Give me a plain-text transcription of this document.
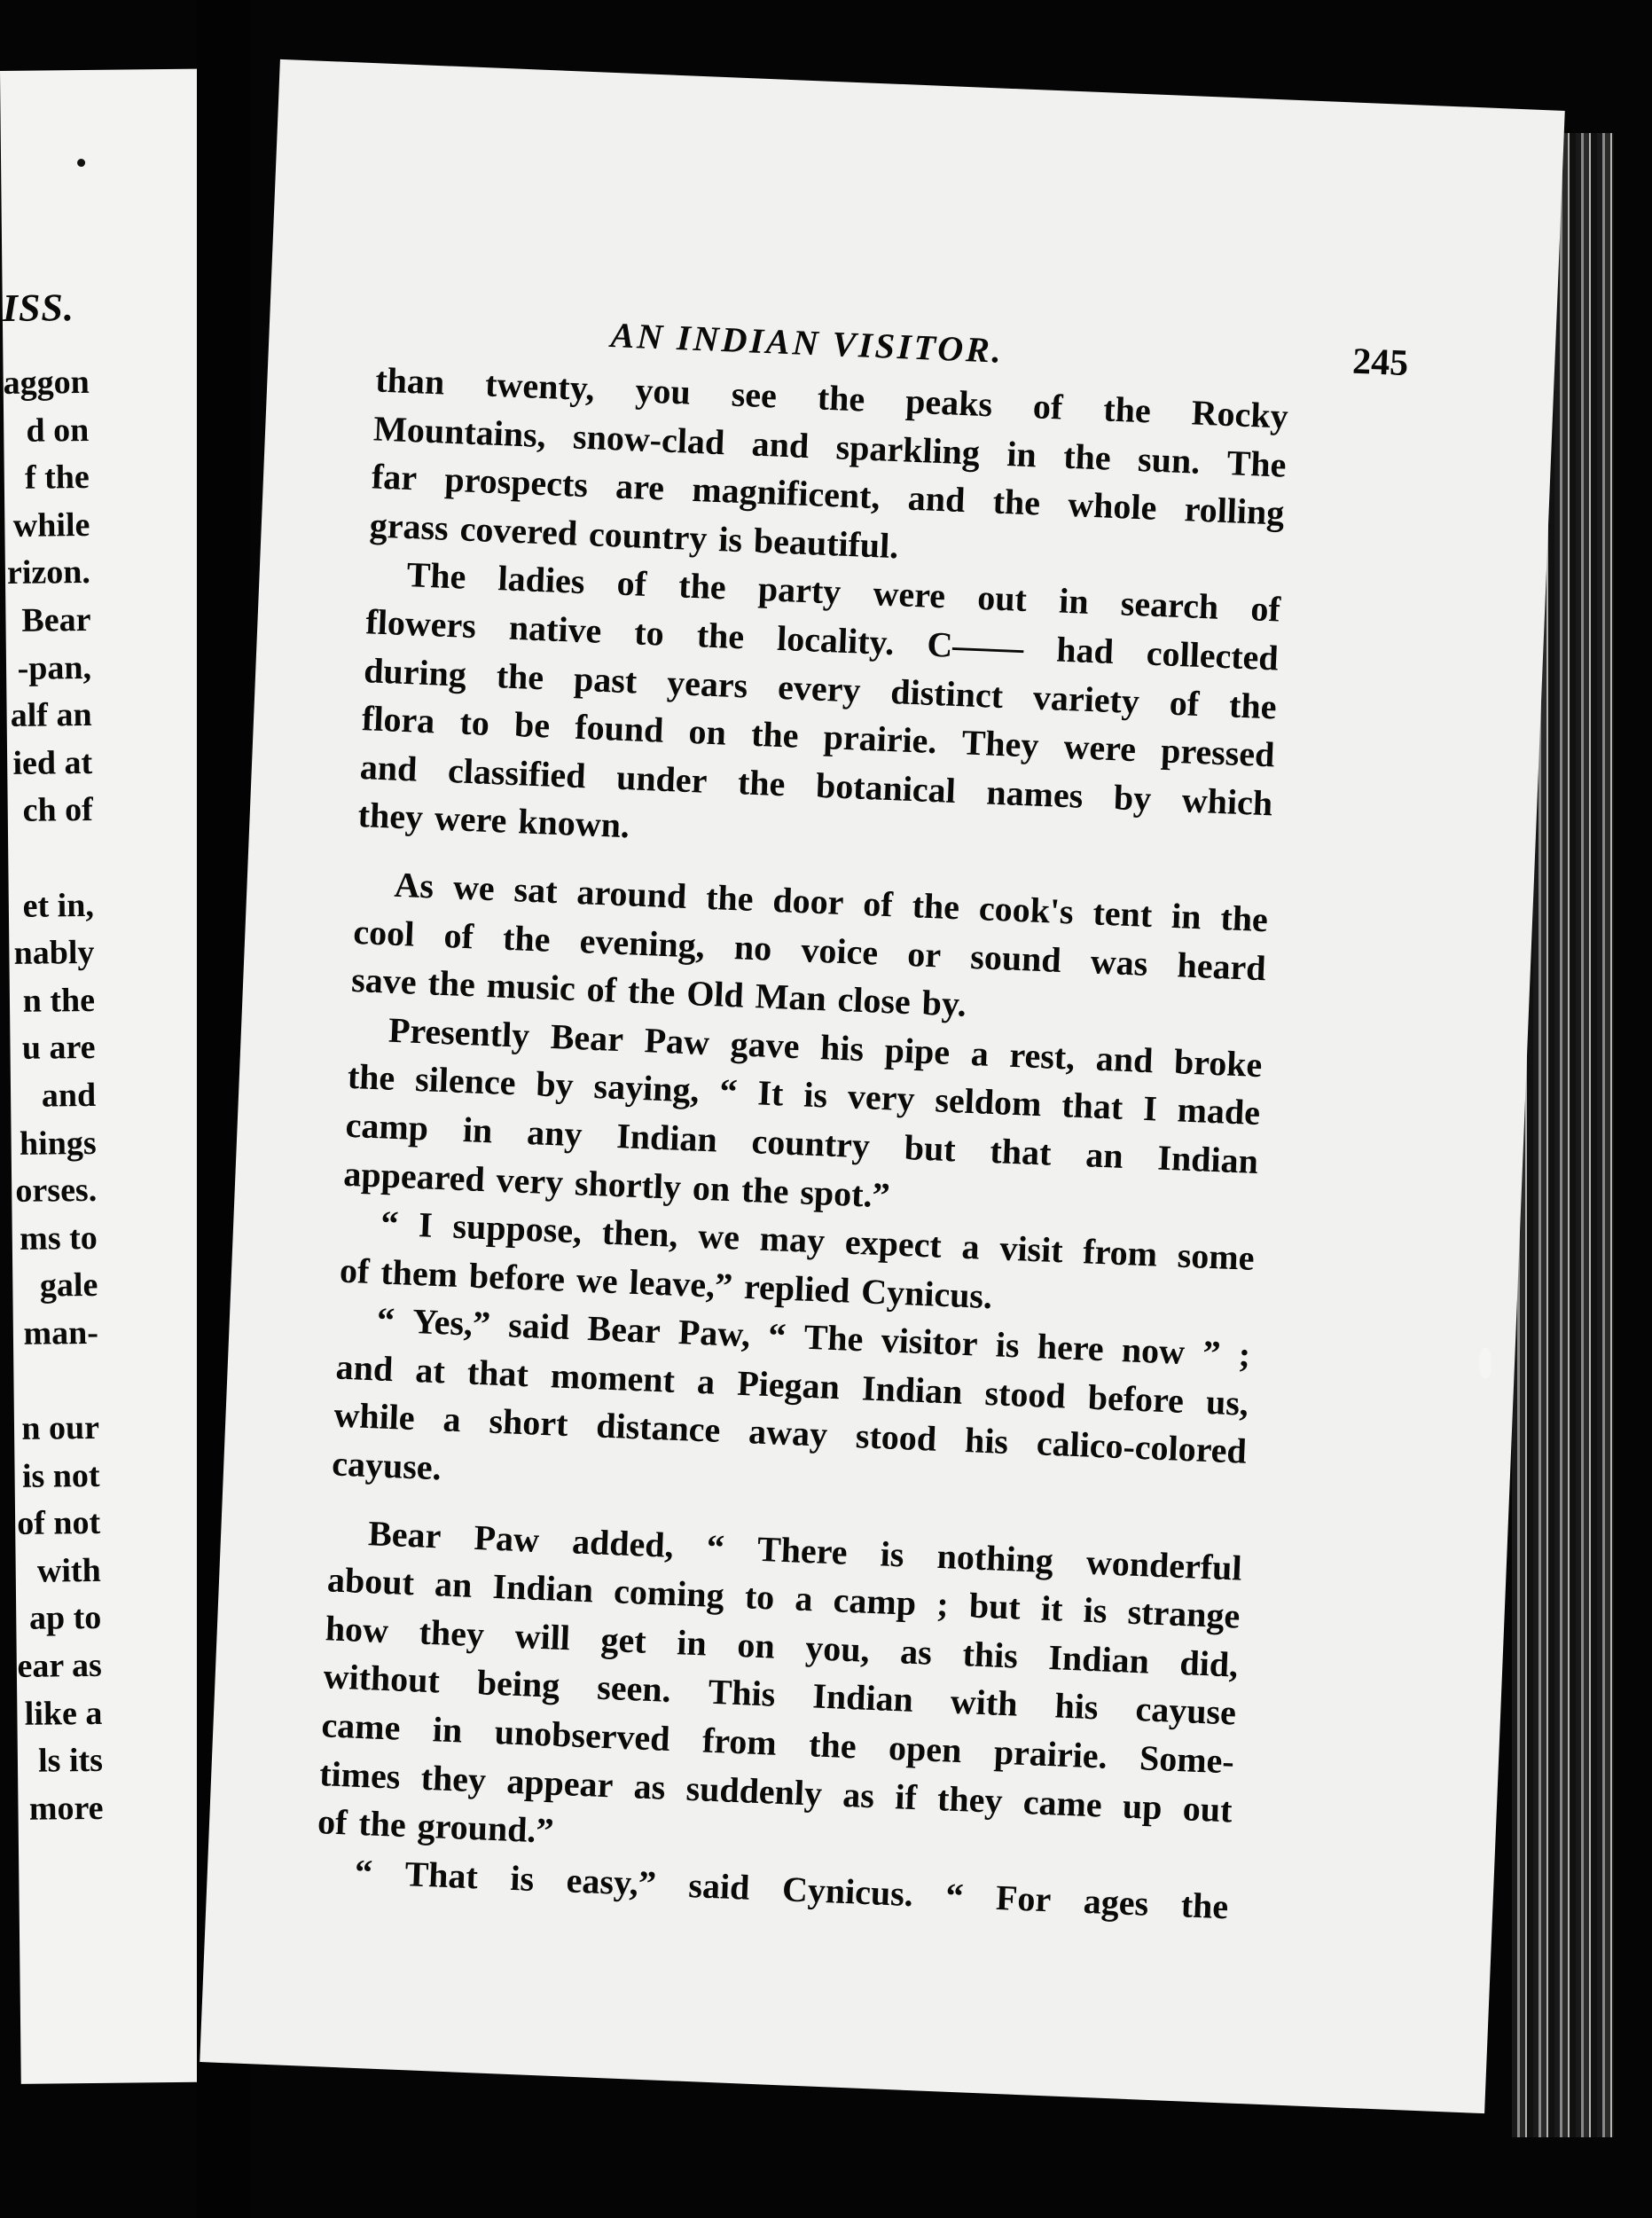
ISS.
aggon
d on
f the
while
rizon.
Bear
-pan,
alf an
ied at
ch of
et in,
nably
n the
u are
and
hings
orses.
ms to
gale
man-
n our
is not
of not
with
ap to
ear as
like a
ls its
more
AN INDIAN VISITOR.	245
than twenty, you see the peaks of the Rocky
Mountains, snow-clad and sparkling in the sun. The
far prospects are magnificent, and the whole rolling
grass covered country is beautiful.
The ladies of the party were out in search of
flowers native to the locality. C—— had collected
during the past years every distinct variety of the
flora to be found on the prairie. They were pressed
and classified under the botanical names by which
they were known.
As we sat around the door of the cook's tent in the
cool of the evening, no voice or sound was heard
save the music of the Old Man close by.
Presently Bear Paw gave his pipe a rest, and broke
the silence by saying, “ It is very seldom that I made
camp in any Indian country but that an Indian
appeared very shortly on the spot.”
“ I suppose, then, we may expect a visit from some
of them before we leave,” replied Cynicus.
“ Yes,” said Bear Paw, “ The visitor is here now ” ;
and at that moment a Piegan Indian stood before us,
while a short distance away stood his calico-colored
cayuse.
Bear Paw added, “ There is nothing wonderful
about an Indian coming to a camp ; but it is strange
how they will get in on you, as this Indian did,
without being seen. This Indian with his cayuse
came in unobserved from the open prairie. Some-
times they appear as suddenly as if they came up out
of the ground.”
“ That is easy,” said Cynicus. “ For ages the
